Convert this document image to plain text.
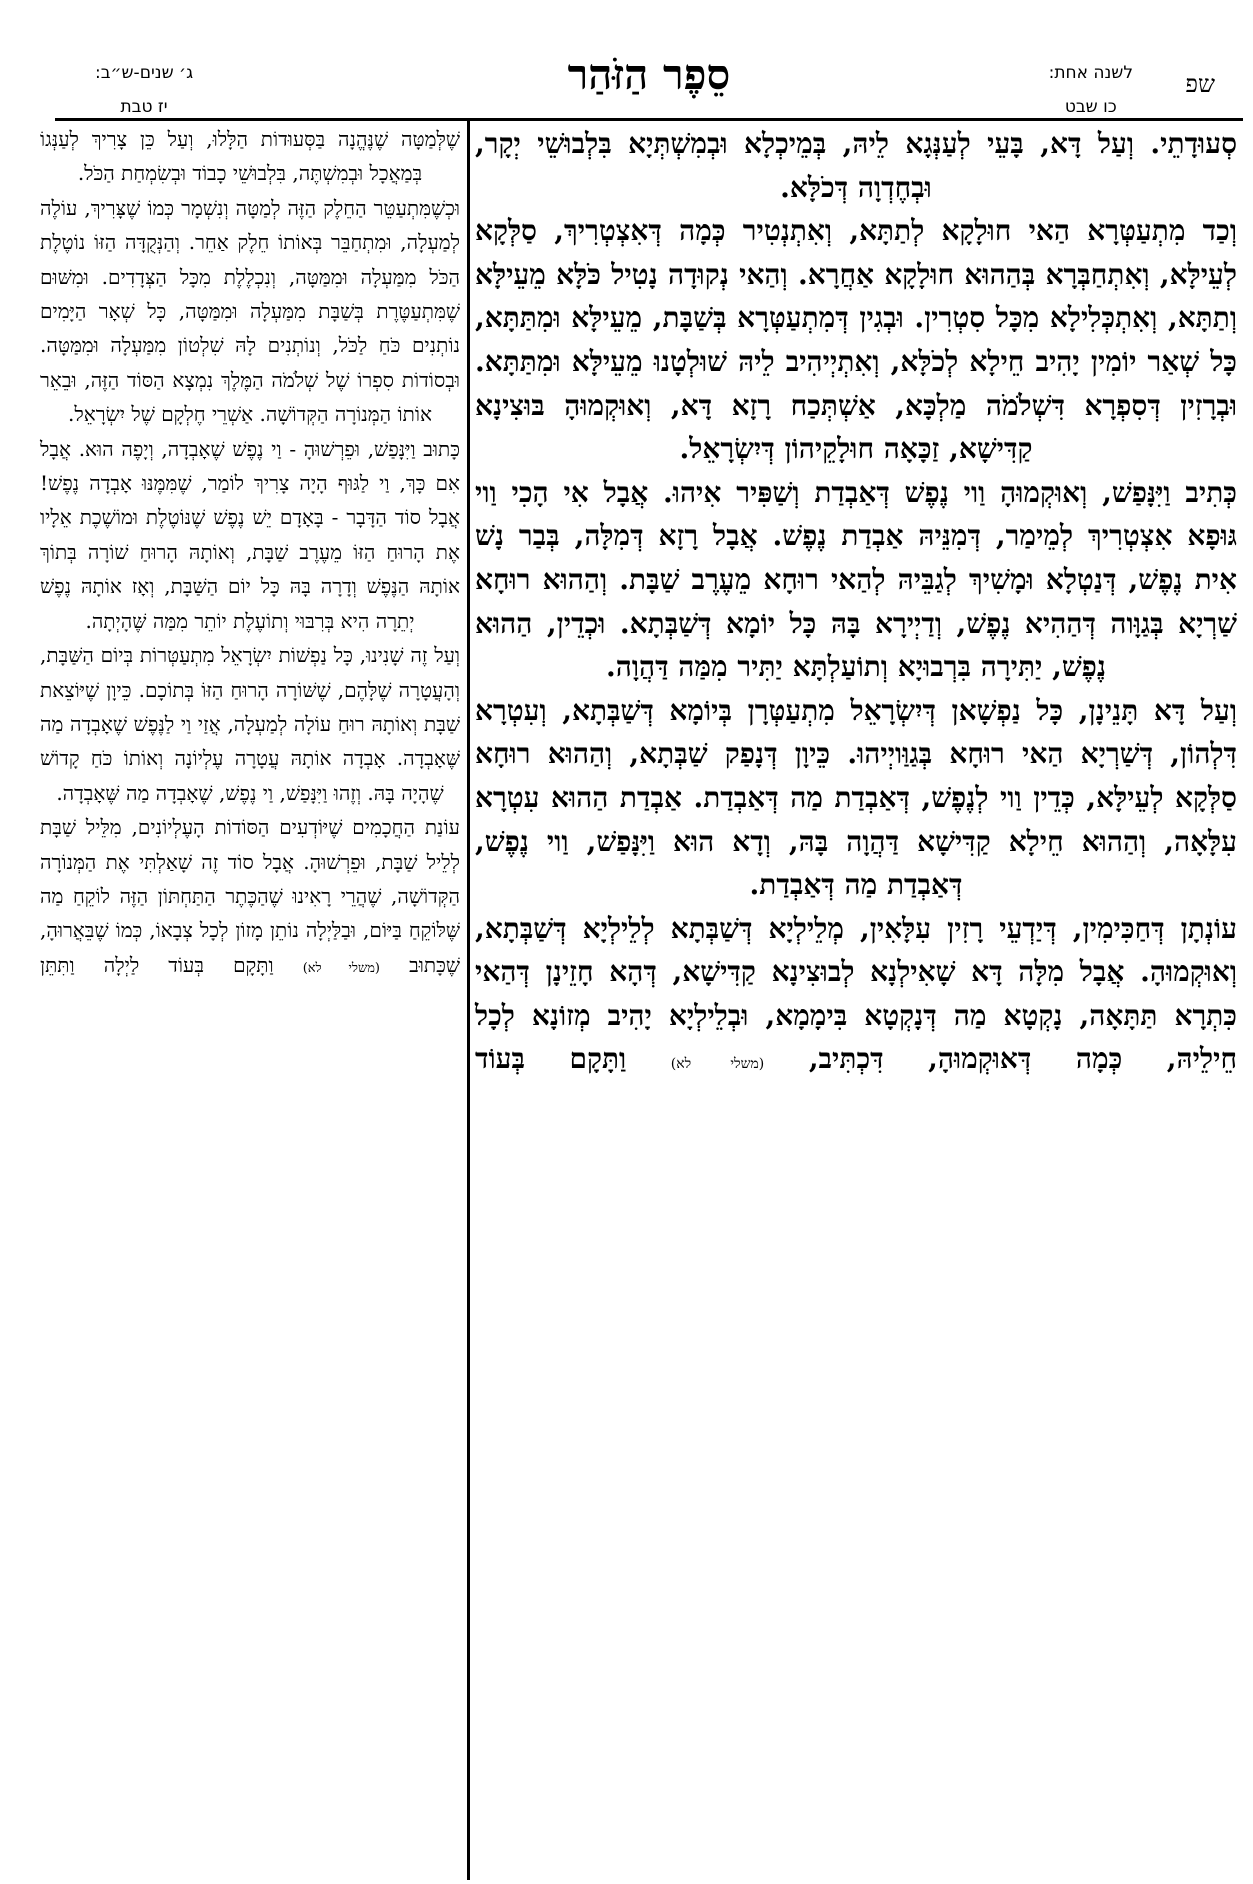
שפ
לשנה אחת:
כו שבט
סֵפֶר הַזֹּהַר
ג׳ שנים-ש״ב:
יז טבת

סְעוּדָתֵי. וְעַל דָּא, בָּעֵי לְעַנְּגָא לֵיהּ, בְּמֵיכְלָא וּבְמִשְׁתְּיָא בִּלְבוּשֵׁי יְקָר, וּבְחֶדְוָה דְּכֹלָּא.

וְכַד מִתְעַטְּרָא הַאי חוּלָקָא לְתַתָּא, וְאִתְנְטִיר כְּמָה דְּאִצְטְרִיךְ, סַלְּקָא לְעֵילָּא, וְאִתְחַבְּרָא בְּהַהוּא חוּלָקָא אַחֲרָא. וְהַאי נְקוּדָה נָטִיל כֹּלָּא מֵעֵילָּא וְתַתָּא, וְאִתְכְּלִילָא מִכָּל סִטְרִין. וּבְגִין דְּמִתְעַטְּרָא בְּשַׁבָּת, מֵעֵילָּא וּמִתַּתָּא, כָּל שְׁאַר יוֹמִין יָהִיב חֵילָא לְכֹלָּא, וְאִתְיְיהִיב לֵיהּ שׁוּלְטָנוּ מֵעֵילָּא וּמִתַּתָּא. וּבְרָזִין דְּסִפְרָא דִּשְׁלֹמֹה מַלְכָּא, אַשְׁתְּכַח רָזָא דָּא, וְאוּקְמוּהָ בּוּצִינָא קַדִּישָׁא, זַכָּאָה חוּלָקֵיהוֹן דְּיִשְׂרָאֵל.

כְּתִיב וַיִּנָּפַשׁ, וְאוּקְמוּהָ וַוי נֶפֶשׁ דְּאַבְדַת וְשַׁפִּיר אִיהוּ. אֲבָל אִי הָכִי וַוי גּוּפָא אִצְטְרִיךְ לְמֵימַר, דְּמִנֵּיהּ אַבְדַת נֶפֶשׁ. אֲבָל רָזָא דְּמִלָּה, בְּבַר נָשׁ אִית נֶפֶשׁ, דְּנַטְלָא וּמָשִׁיךְ לְגַבֵּיהּ לְהַאי רוּחָא מֵעֶרֶב שַׁבָּת. וְהַהוּא רוּחָא שַׁרְיָא בְּגַוָּוה דְּהַהִיא נֶפֶשׁ, וְדַיְירָא בָּהּ כָּל יוֹמָא דְּשַׁבְּתָא. וּכְדֵין, הַהוּא נֶפֶשׁ, יַתִּירָה בִּרְבוּיָא וְתוֹעַלְתָּא יַתִּיר מִמַּה דַּהֲוָה.

וְעַל דָּא תָּנֵינָן, כָּל נַפְשָׁאן דְּיִשְׂרָאֵל מִתְעַטְּרָן בְּיוֹמָא דְּשַׁבְּתָא, וְעִטְרָא דִּלְהוֹן, דְּשַׁרְיָא הַאי רוּחָא בְּגַוַּויְיהוּ. כֵּיוָן דְּנָפַק שַׁבְּתָא, וְהַהוּא רוּחָא סַלְּקָא לְעֵילָּא, כְּדֵין וַוי לְנֶפֶשׁ, דְּאַבְדַת מַה דְּאַבְדַת. אַבְדַת הַהוּא עִטְרָא עִלָּאָה, וְהַהוּא חֵילָא קַדִּישָׁא דַּהֲוָה בָּהּ, וְדָא הוּא וַיִּנָּפַשׁ, וַוי נֶפֶשׁ, דְּאַבְדַת מַה דְּאַבְדַת.

עוֹנְתָן דְּחַכִּימִין, דְּיַדְעֵי רָזִין עִלָּאִין, מְלֵילְיָא דְּשַׁבְּתָא לְלֵילְיָא דְּשַׁבְּתָא, וְאוּקְמוּהָ. אֲבָל מִלָּה דָּא שָׁאִילְנָא לְבוּצִינָא קַדִּישָׁא, דְּהָא חָזֵינָן דְּהַאי כִּתְרָא תַּתָּאָה, נָקְטָא מַה דְּנָקְטָא בִּימָמָא, וּבְלֵילְיָא יָהִיב מְזוֹנָא לְכָל חֵילֵיהּ, כְּמָה דְּאוּקְמוּהָ, דִּכְתִּיב, (משלי לא) וַתָּקָם בְּעוֹד

שֶׁלְּמַטָּה שֶׁנֶּהֱנָה בַּסְּעוּדוֹת הַלָּלוּ, וְעַל כֵּן צָרִיךְ לְעַנְּגוֹ בְּמַאֲכָל וּבְמִשְׁתֶּה, בִּלְבוּשֵׁי כָבוֹד וּבְשִׂמְחַת הַכֹּל.

וּכְשֶׁמִּתְעַטֵּר הַחֵלֶק הַזֶּה לְמַטָּה וְנִשְׁמָר כְּמוֹ שֶׁצָּרִיךְ, עוֹלֶה לְמַעְלָה, וּמִתְחַבֵּר בְּאוֹתוֹ חֵלֶק אַחֵר. וְהַנְּקֻדָּה הַזּוֹ נוֹטֶלֶת הַכֹּל מִמַּעְלָה וּמִמַּטָּה, וְנִכְלֶלֶת מִכָּל הַצְּדָדִים. וּמִשּׁוּם שֶׁמִּתְעַטֶּרֶת בְּשַׁבָּת מִמַּעְלָה וּמִמַּטָּה, כָּל שְׁאָר הַיָּמִים נוֹתְנִים כֹּחַ לַכֹּל, וְנוֹתְנִים לָהּ שִׁלְטוֹן מִמַּעְלָה וּמִמַּטָּה. וּבְסוֹדוֹת סִפְרוֹ שֶׁל שְׁלֹמֹה הַמֶּלֶךְ נִמְצָא הַסּוֹד הַזֶּה, וּבֵאֵר אוֹתוֹ הַמְּנוֹרָה הַקְּדוֹשָׁה. אַשְׁרֵי חֶלְקָם שֶׁל יִשְׂרָאֵל.

כָּתוּב וַיִּנָּפַשׁ, וּפֵרְשׁוּהָ - וַי נֶפֶשׁ שֶׁאָבְדָה, וְיָפֶה הוּא. אֲבָל אִם כָּךְ, וַי לַגּוּף הָיָה צָרִיךְ לוֹמַר, שֶׁמִּמֶּנּוּ אָבְדָה נֶפֶשׁ! אֲבָל סוֹד הַדָּבָר - בָּאָדָם יֵשׁ נֶפֶשׁ שֶׁנּוֹטֶלֶת וּמוֹשֶׁכֶת אֵלָיו אֶת הָרוּחַ הַזּוֹ מֵעֶרֶב שַׁבָּת, וְאוֹתָהּ הָרוּחַ שׁוֹרָה בְּתוֹךְ אוֹתָהּ הַנֶּפֶשׁ וְדָרָה בָּהּ כָּל יוֹם הַשַּׁבָּת, וְאָז אוֹתָהּ נֶפֶשׁ יְתֵרָה הִיא בְּרִבּוּי וְתוֹעֶלֶת יוֹתֵר מִמַּה שֶּׁהָיְתָה.

וְעַל זֶה שָׁנִינוּ, כָּל נַפְשׁוֹת יִשְׂרָאֵל מִתְעַטְּרוֹת בְּיוֹם הַשַּׁבָּת, וְהָעֲטָרָה שֶׁלָּהֶם, שֶׁשּׁוֹרָה הָרוּחַ הַזּוֹ בְּתוֹכָם. כֵּיוָן שֶׁיּוֹצֵאת שַׁבָּת וְאוֹתָהּ רוּחַ עוֹלָה לְמַעְלָה, אֲזַי וַי לַנֶּפֶשׁ שֶׁאָבְדָה מַה שֶּׁאָבְדָה. אָבְדָה אוֹתָהּ עֲטָרָה עֶלְיוֹנָה וְאוֹתוֹ כֹּחַ קָדוֹשׁ שֶׁהָיָה בָּהּ. וְזֶהוּ וַיִּנָּפַשׁ, וַי נֶפֶשׁ, שֶׁאָבְדָה מַה שֶּׁאָבְדָה.

עוֹנַת הַחֲכָמִים שֶׁיּוֹדְעִים הַסּוֹדוֹת הָעֶלְיוֹנִים, מִלֵּיל שַׁבָּת לְלֵיל שַׁבָּת, וּפֵרְשׁוּהָ. אֲבָל סוֹד זֶה שָׁאַלְתִּי אֶת הַמְּנוֹרָה הַקְּדוֹשָׁה, שֶׁהֲרֵי רָאִינוּ שֶׁהַכֶּתֶר הַתַּחְתּוֹן הַזֶּה לוֹקֵחַ מַה שֶּׁלּוֹקֵחַ בַּיּוֹם, וּבַלַּיְלָה נוֹתֵן מָזוֹן לְכָל צְבָאוֹ, כְּמוֹ שֶׁבֵּאֲרוּהָ, שֶׁכָּתוּב (משלי לא) וַתָּקָם בְּעוֹד לַיְלָה וַתִּתֵּן
